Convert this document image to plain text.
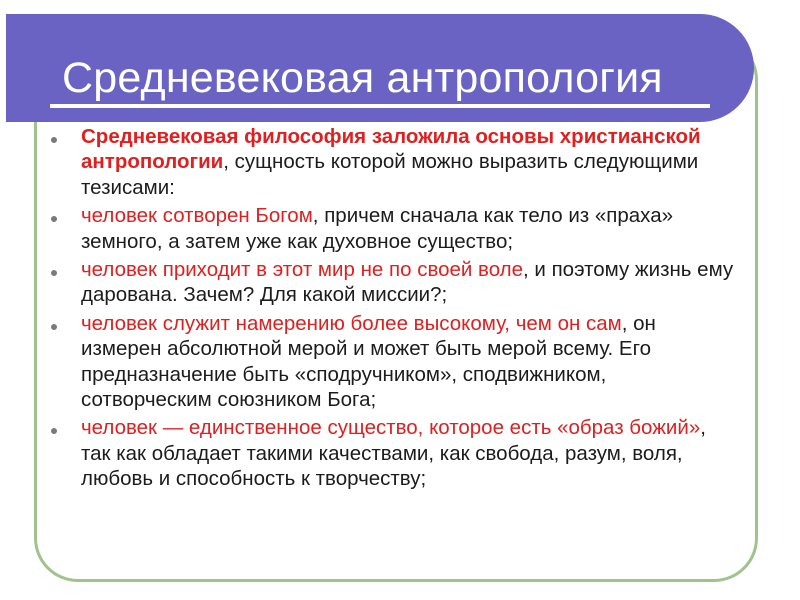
Средневековая антропология
Средневековая философия заложила основы христианской антропологии, сущность которой можно выразить следующими тезисами:
человек сотворен Богом, причем сначала как тело из «праха» земного, а затем уже как духовное существо;
человек приходит в этот мир не по своей воле, и поэтому жизнь ему дарована. Зачем? Для какой миссии?;
человек служит намерению более высокому, чем он сам, он измерен абсолютной мерой и может быть мерой всему. Его предназначение быть «сподручником», сподвижником, сотворческим союзником Бога;
человек — единственное существо, которое есть «образ божий», так как обладает такими качествами, как свобода, разум, воля, любовь и способность к творчеству;
